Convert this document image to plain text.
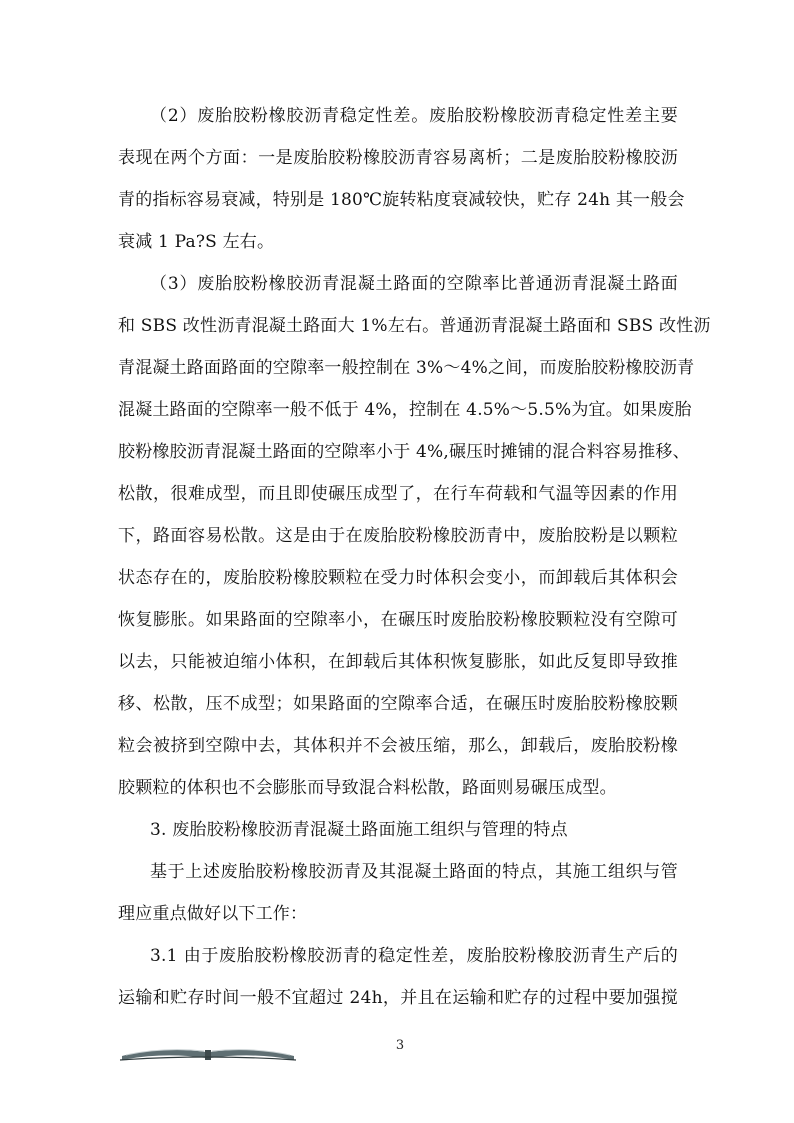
（2）废胎胶粉橡胶沥青稳定性差。废胎胶粉橡胶沥青稳定性差主要
表现在两个方面：一是废胎胶粉橡胶沥青容易离析；二是废胎胶粉橡胶沥
青的指标容易衰减，特别是 180℃旋转粘度衰减较快，贮存 24h 其一般会
衰减 1 Pa?S 左右。
（3）废胎胶粉橡胶沥青混凝土路面的空隙率比普通沥青混凝土路面
和 SBS 改性沥青混凝土路面大 1%左右。普通沥青混凝土路面和 SBS 改性沥
青混凝土路面路面的空隙率一般控制在 3%～4%之间，而废胎胶粉橡胶沥青
混凝土路面的空隙率一般不低于 4%，控制在 4.5%～5.5%为宜。如果废胎
胶粉橡胶沥青混凝土路面的空隙率小于 4%,碾压时摊铺的混合料容易推移、
松散，很难成型，而且即使碾压成型了，在行车荷载和气温等因素的作用
下，路面容易松散。这是由于在废胎胶粉橡胶沥青中，废胎胶粉是以颗粒
状态存在的，废胎胶粉橡胶颗粒在受力时体积会变小，而卸载后其体积会
恢复膨胀。如果路面的空隙率小，在碾压时废胎胶粉橡胶颗粒没有空隙可
以去，只能被迫缩小体积，在卸载后其体积恢复膨胀，如此反复即导致推
移、松散，压不成型；如果路面的空隙率合适，在碾压时废胎胶粉橡胶颗
粒会被挤到空隙中去，其体积并不会被压缩，那么，卸载后，废胎胶粉橡
胶颗粒的体积也不会膨胀而导致混合料松散，路面则易碾压成型。
3. 废胎胶粉橡胶沥青混凝土路面施工组织与管理的特点
基于上述废胎胶粉橡胶沥青及其混凝土路面的特点，其施工组织与管
理应重点做好以下工作：
3.1 由于废胎胶粉橡胶沥青的稳定性差，废胎胶粉橡胶沥青生产后的
运输和贮存时间一般不宜超过 24h，并且在运输和贮存的过程中要加强搅
3
